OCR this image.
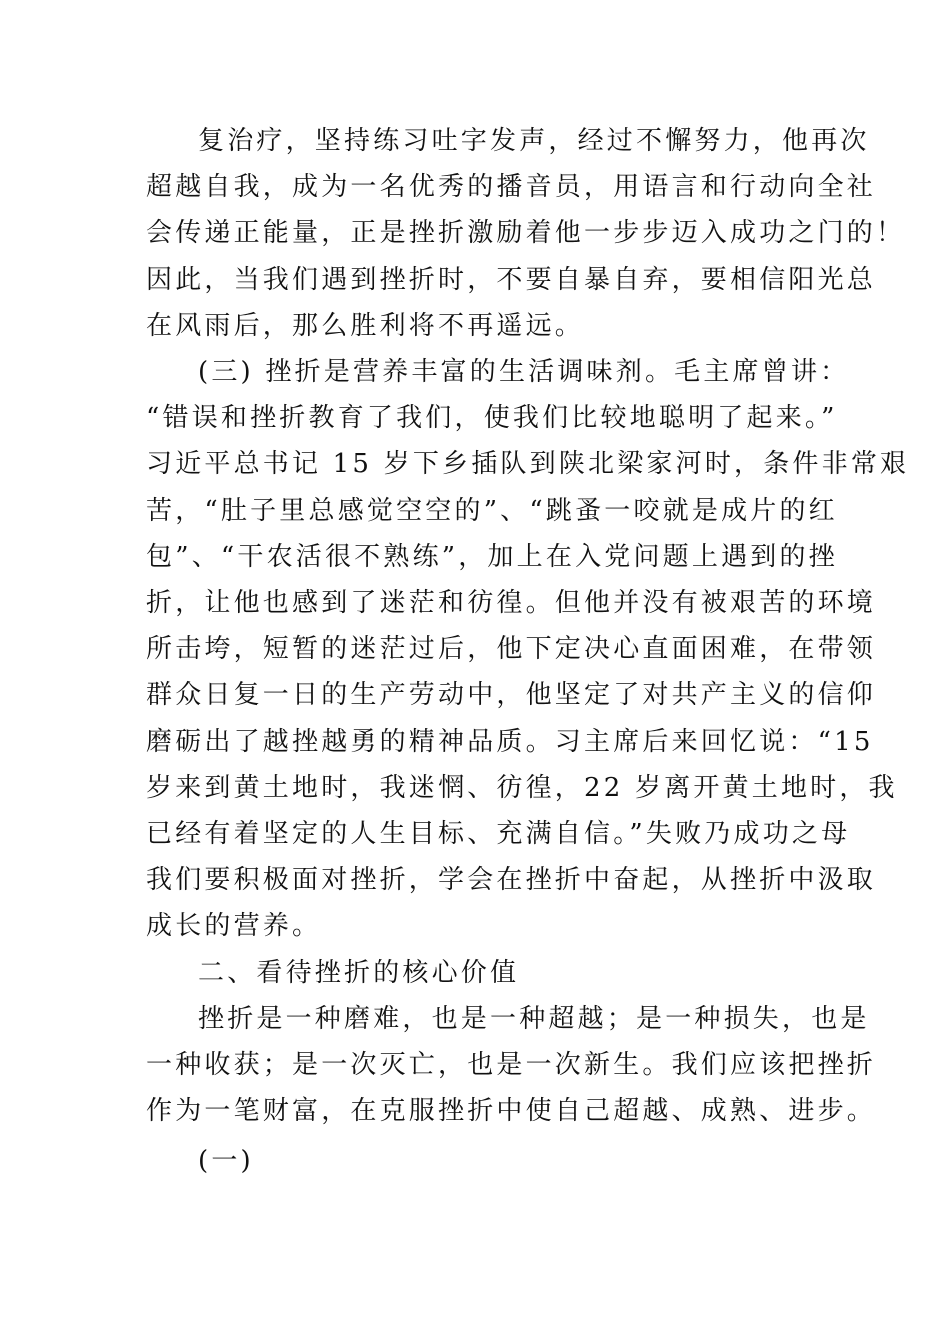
复治疗，坚持练习吐字发声，经过不懈努力，他再次
超越自我，成为一名优秀的播音员，用语言和行动向全社
会传递正能量，正是挫折激励着他一步步迈入成功之门的！
因此，当我们遇到挫折时，不要自暴自弃，要相信阳光总
在风雨后，那么胜利将不再遥远。
(三) 挫折是营养丰富的生活调味剂。毛主席曾讲：
“错误和挫折教育了我们，使我们比较地聪明了起来。”
习近平总书记 15 岁下乡插队到陕北梁家河时，条件非常艰
苦，“肚子里总感觉空空的”、“跳蚤一咬就是成片的红
包”、“干农活很不熟练”，加上在入党问题上遇到的挫
折，让他也感到了迷茫和彷徨。但他并没有被艰苦的环境
所击垮，短暂的迷茫过后，他下定决心直面困难，在带领
群众日复一日的生产劳动中，他坚定了对共产主义的信仰
磨砺出了越挫越勇的精神品质。习主席后来回忆说：“15
岁来到黄土地时，我迷惘、彷徨，22 岁离开黄土地时，我
已经有着坚定的人生目标、充满自信。”失败乃成功之母
我们要积极面对挫折，学会在挫折中奋起，从挫折中汲取
成长的营养。
二、看待挫折的核心价值
挫折是一种磨难，也是一种超越；是一种损失，也是
一种收获；是一次灭亡，也是一次新生。我们应该把挫折
作为一笔财富，在克服挫折中使自己超越、成熟、进步。
(一)
